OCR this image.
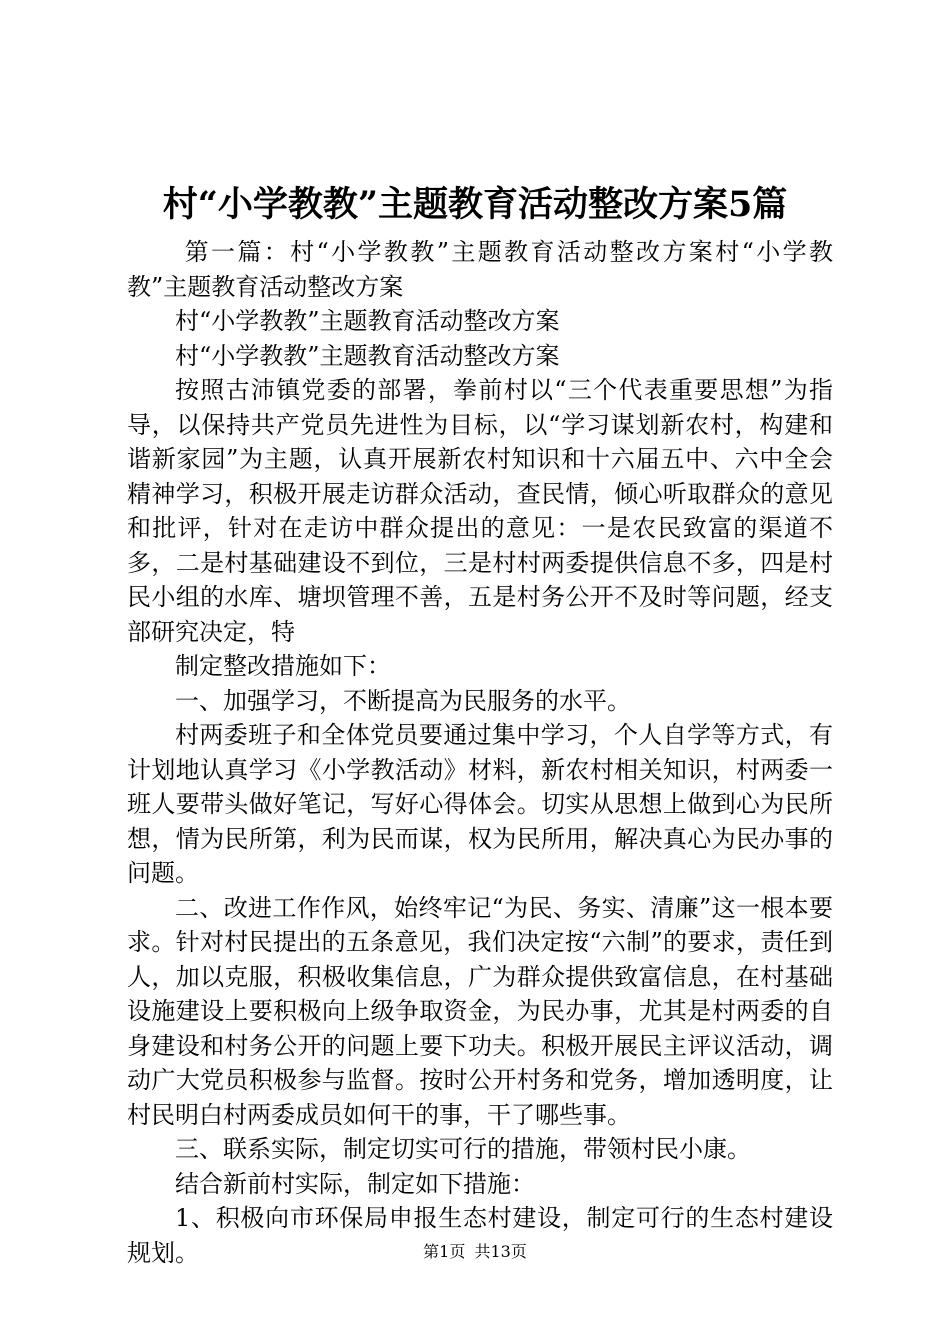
村“小学教教”主题教育活动整改方案5篇

第一篇：村“小学教教”主题教育活动整改方案村“小学教教”主题教育活动整改方案

村“小学教教”主题教育活动整改方案

村“小学教教”主题教育活动整改方案

按照古沛镇党委的部署，拳前村以“三个代表重要思想”为指导，以保持共产党员先进性为目标，以“学习谋划新农村，构建和谐新家园”为主题，认真开展新农村知识和十六届五中、六中全会精神学习，积极开展走访群众活动，查民情，倾心听取群众的意见和批评，针对在走访中群众提出的意见：一是农民致富的渠道不多，二是村基础建设不到位，三是村村两委提供信息不多，四是村民小组的水库、塘坝管理不善，五是村务公开不及时等问题，经支部研究决定，特

制定整改措施如下：

一、加强学习，不断提高为民服务的水平。

村两委班子和全体党员要通过集中学习，个人自学等方式，有计划地认真学习《小学教活动》材料，新农村相关知识，村两委一班人要带头做好笔记，写好心得体会。切实从思想上做到心为民所想，情为民所第，利为民而谋，权为民所用，解决真心为民办事的问题。

二、改进工作作风，始终牢记“为民、务实、清廉”这一根本要求。针对村民提出的五条意见，我们决定按“六制”的要求，责任到人，加以克服，积极收集信息，广为群众提供致富信息，在村基础设施建设上要积极向上级争取资金，为民办事，尤其是村两委的自身建设和村务公开的问题上要下功夫。积极开展民主评议活动，调动广大党员积极参与监督。按时公开村务和党务，增加透明度，让村民明白村两委成员如何干的事，干了哪些事。

三、联系实际，制定切实可行的措施，带领村民小康。

结合新前村实际，制定如下措施：

1、积极向市环保局申报生态村建设，制定可行的生态村建设规划。	第1页 共13页
